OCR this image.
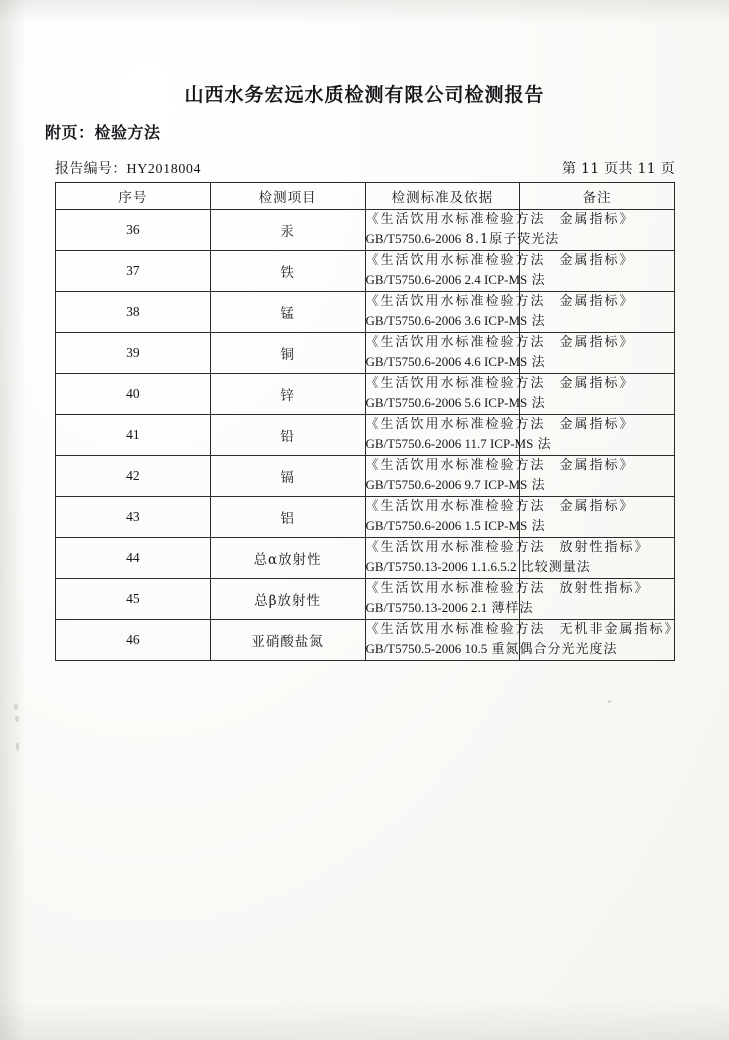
山西水务宏远水质检测有限公司检测报告
附页：检验方法
报告编号：HY2018004	第 11 页共 11 页
序号	检测项目	检测标准及依据	备注
36	汞	《生活饮用水标准检验方法 金属指标》
GB/T5750.6-2006 8.1原子荧光法	

37	铁	《生活饮用水标准检验方法 金属指标》
GB/T5750.6-2006 2.4 ICP-MS 法	

38	锰	《生活饮用水标准检验方法 金属指标》
GB/T5750.6-2006 3.6 ICP-MS 法	

39	铜	《生活饮用水标准检验方法 金属指标》
GB/T5750.6-2006 4.6 ICP-MS 法	

40	锌	《生活饮用水标准检验方法 金属指标》
GB/T5750.6-2006 5.6 ICP-MS 法	

41	铅	《生活饮用水标准检验方法 金属指标》
GB/T5750.6-2006 11.7 ICP-MS 法	

42	镉	《生活饮用水标准检验方法 金属指标》
GB/T5750.6-2006 9.7 ICP-MS 法	

43	铝	《生活饮用水标准检验方法 金属指标》
GB/T5750.6-2006 1.5 ICP-MS 法	

44	总α放射性	《生活饮用水标准检验方法 放射性指标》
GB/T5750.13-2006 1.1.6.5.2 比较测量法	

45	总β放射性	《生活饮用水标准检验方法 放射性指标》
GB/T5750.13-2006 2.1 薄样法	

46	亚硝酸盐氮	《生活饮用水标准检验方法 无机非金属指标》
GB/T5750.5-2006 10.5 重氮偶合分光光度法	
